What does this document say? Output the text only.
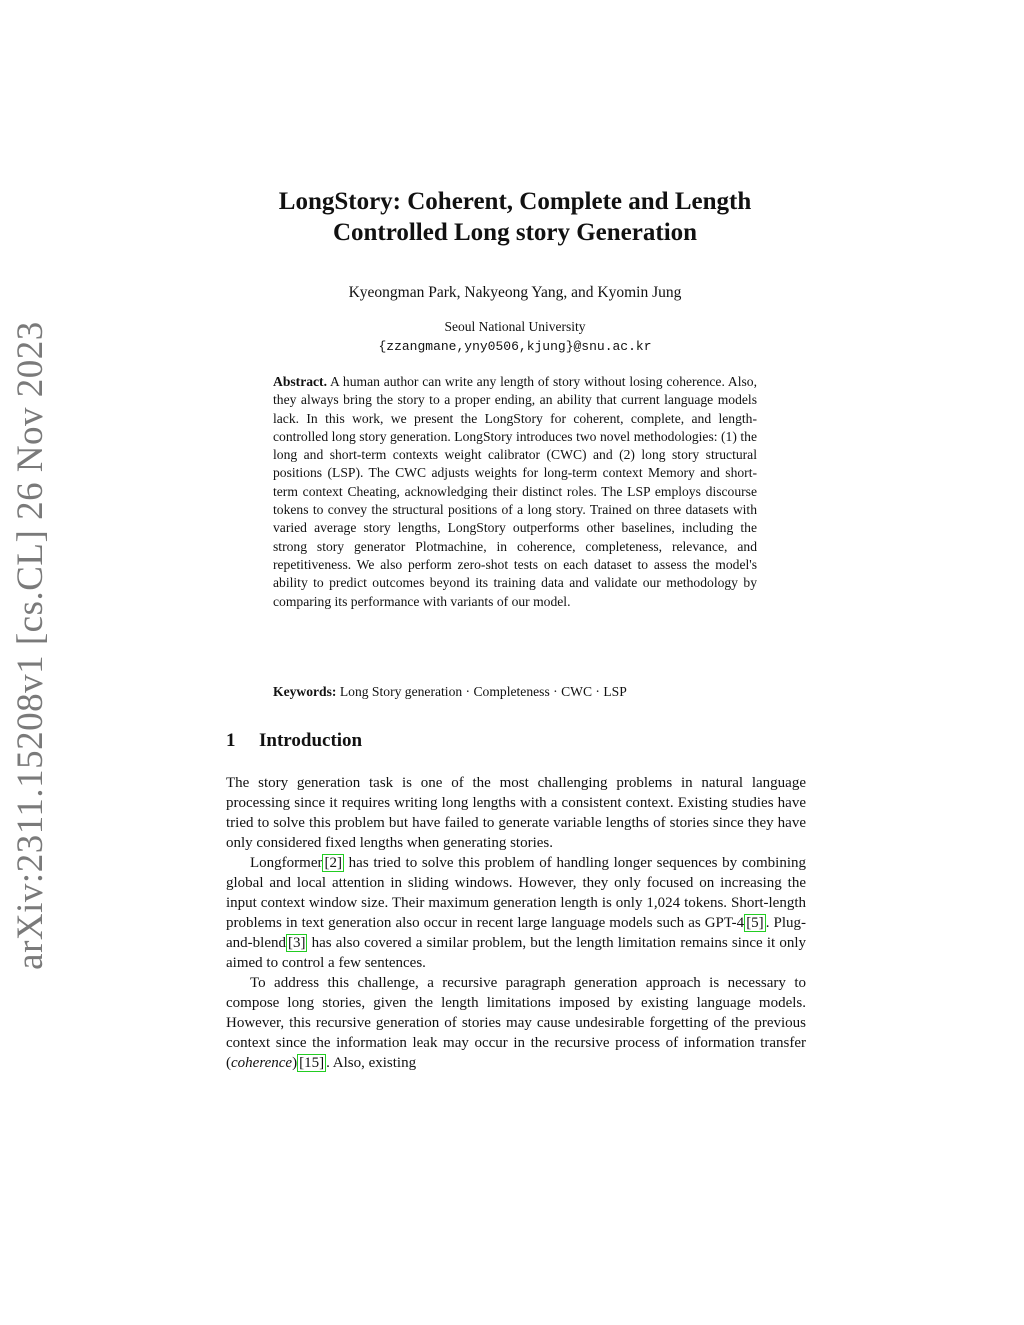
arXiv:2311.15208v1 [cs.CL] 26 Nov 2023
LongStory: Coherent, Complete and Length
Controlled Long story Generation
Kyeongman Park, Nakyeong Yang, and Kyomin Jung
Seoul National University
{zzangmane,yny0506,kjung}@snu.ac.kr

Abstract. A human author can write any length of story without losing coherence. Also, they always bring the story to a proper ending, an ability that current language models lack. In this work, we present the LongStory for coherent, complete, and length-controlled long story generation. LongStory introduces two novel methodologies: (1) the long and short-term contexts weight calibrator (CWC) and (2) long story structural positions (LSP). The CWC adjusts weights for long-term context Memory and short-term context Cheating, acknowledging their distinct roles. The LSP employs discourse tokens to convey the structural positions of a long story. Trained on three datasets with varied average story lengths, LongStory outperforms other baselines, including the strong story generator Plotmachine, in coherence, completeness, relevance, and repetitiveness. We also perform zero-shot tests on each dataset to assess the model's ability to predict outcomes beyond its training data and validate our methodology by comparing its performance with variants of our model.

Keywords: Long Story generation · Completeness · CWC · LSP
1 Introduction

The story generation task is one of the most challenging problems in natural language processing since it requires writing long lengths with a consistent context. Existing studies have tried to solve this problem but have failed to generate variable lengths of stories since they have only considered fixed lengths when generating stories.

Longformer [2] has tried to solve this problem of handling longer sequences by combining global and local attention in sliding windows. However, they only focused on increasing the input context window size. Their maximum generation length is only 1,024 tokens. Short-length problems in text generation also occur in recent large language models such as GPT-4 [5] . Plug-and-blend [3] has also covered a similar problem, but the length limitation remains since it only aimed to control a few sentences.

To address this challenge, a recursive paragraph generation approach is necessary to compose long stories, given the length limitations imposed by existing language models. However, this recursive generation of stories may cause undesirable forgetting of the previous context since the information leak may occur in the recursive process of information transfer (coherence) [15] . Also, existing
